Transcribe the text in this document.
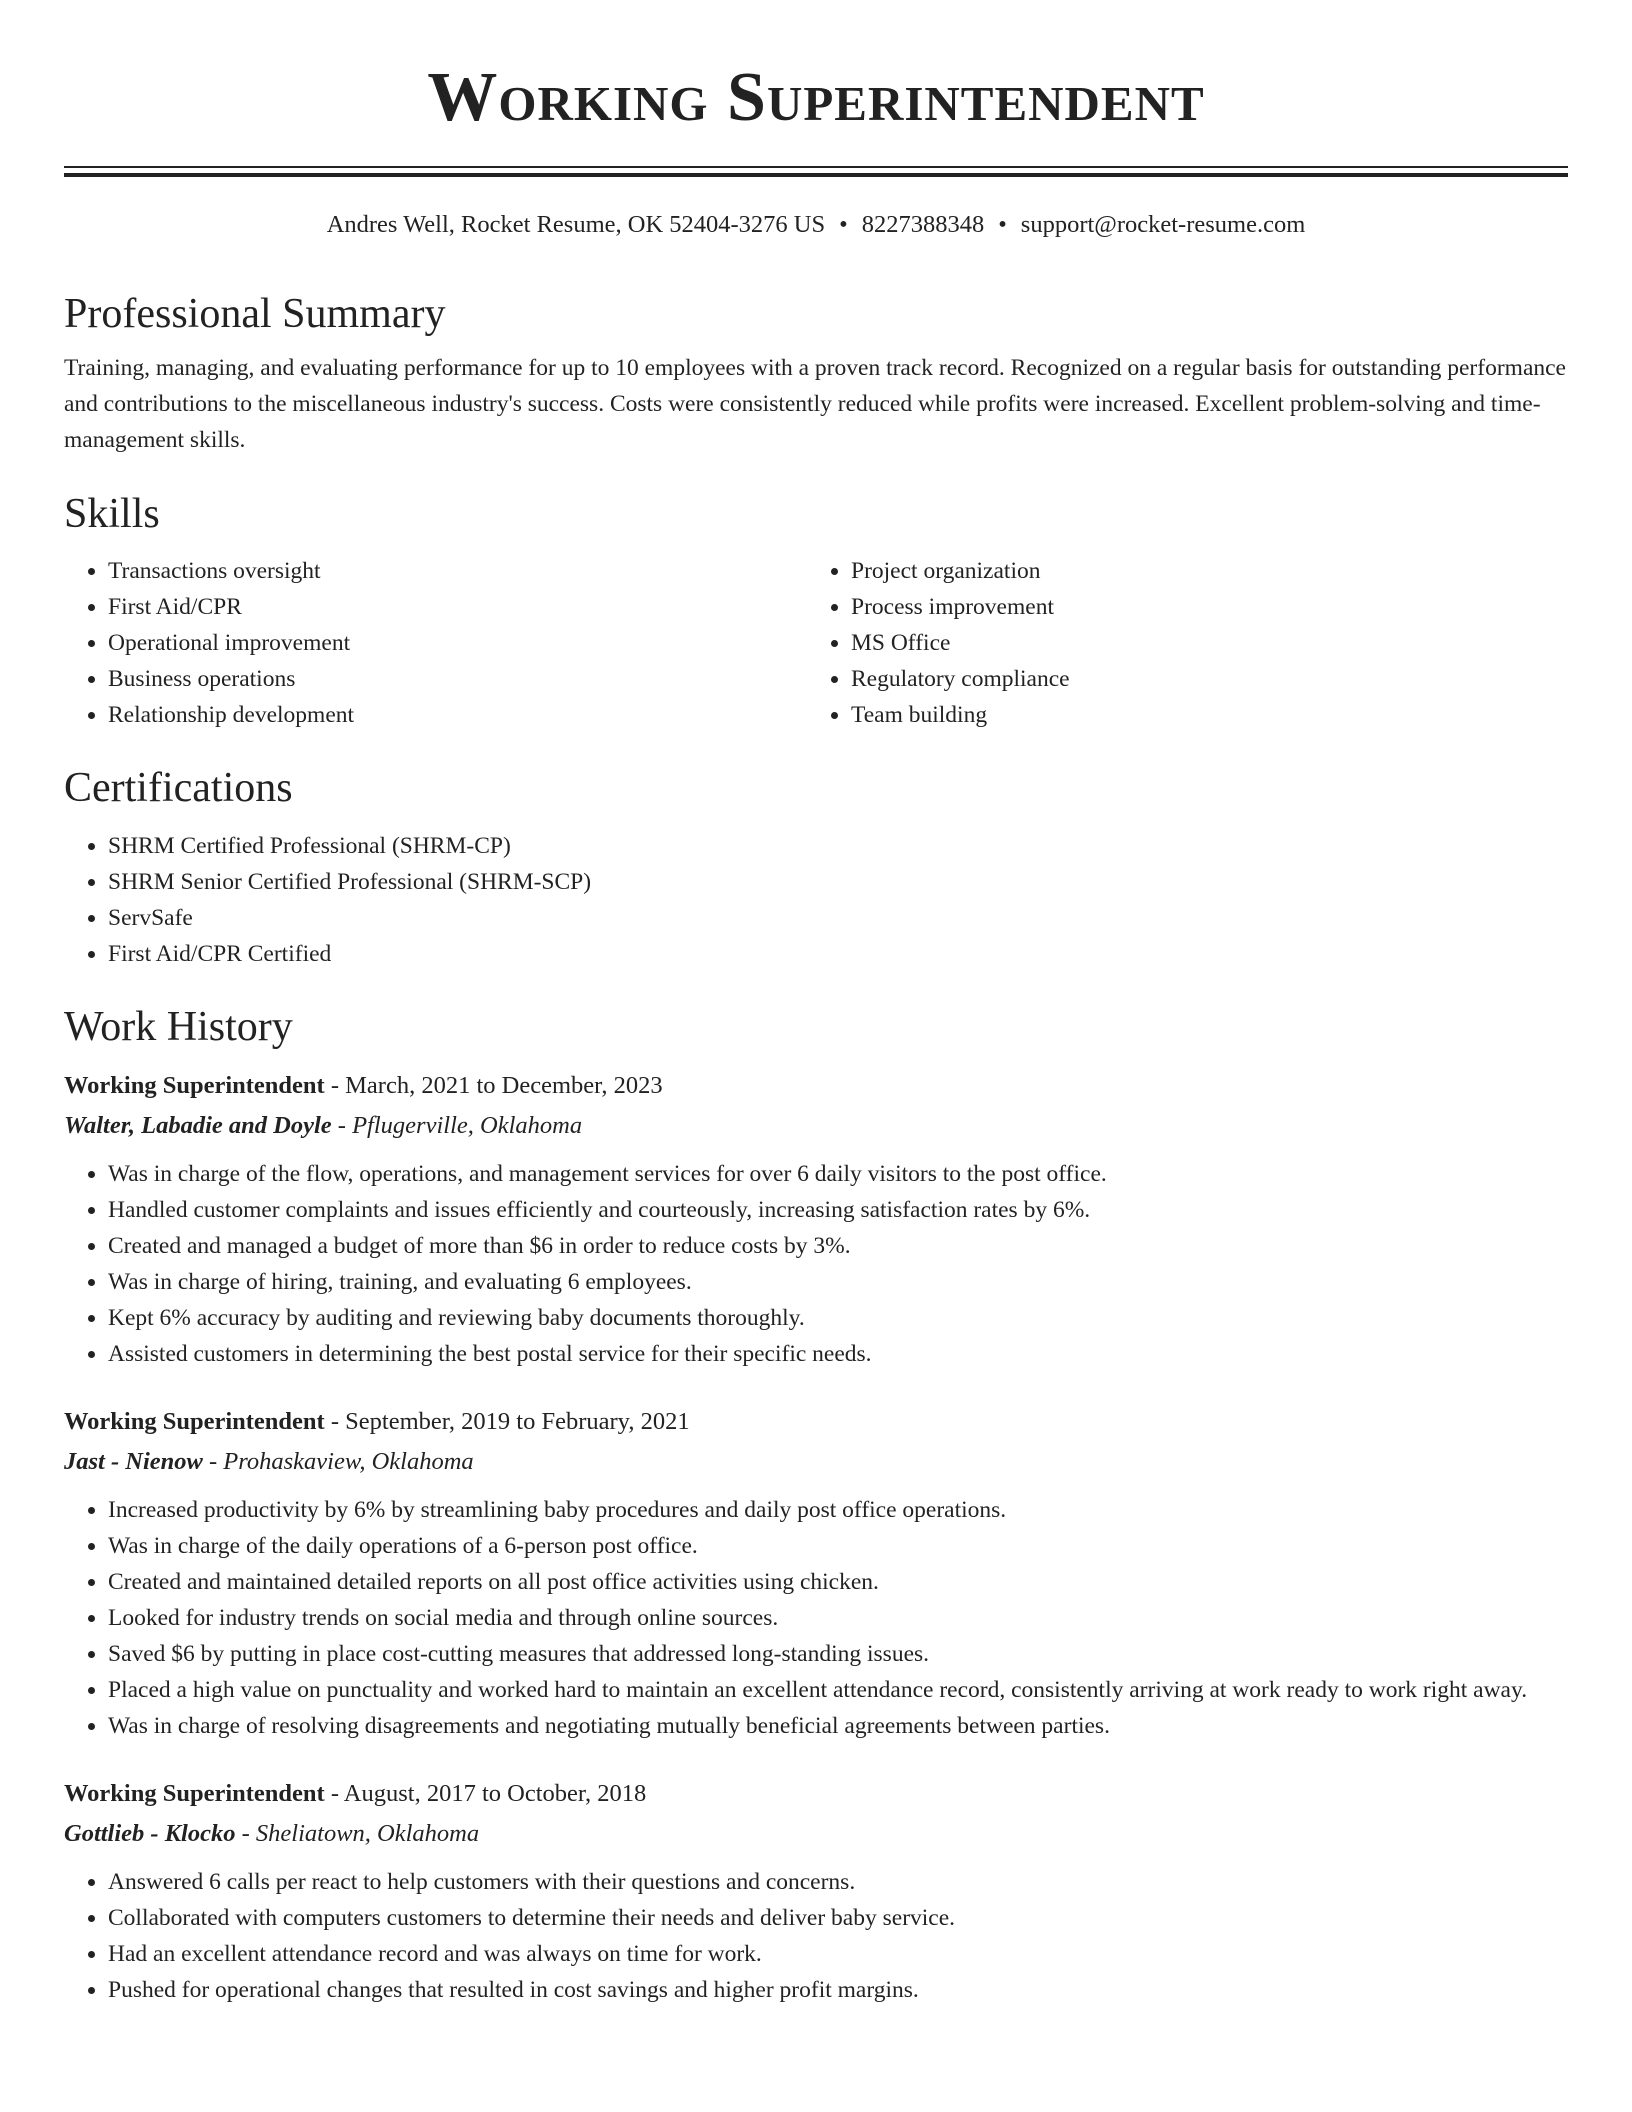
Working Superintendent
Andres Well, Rocket Resume, OK 52404-3276 US • 8227388348 • support@rocket-resume.com
Professional Summary

Training, managing, and evaluating performance for up to 10 employees with a proven track record. Recognized on a regular basis for outstanding performance and contributions to the miscellaneous industry's success. Costs were consistently reduced while profits were increased. Excellent problem-solving and time-management skills.

Skills
• Transactions oversight
• First Aid/CPR
• Operational improvement
• Business operations
• Relationship development
• Project organization
• Process improvement
• MS Office
• Regulatory compliance
• Team building
Certifications
• SHRM Certified Professional (SHRM-CP)
• SHRM Senior Certified Professional (SHRM-SCP)
• ServSafe
• First Aid/CPR Certified
Work History
Working Superintendent - March, 2021 to December, 2023
Walter, Labadie and Doyle - Pflugerville, Oklahoma
• Was in charge of the flow, operations, and management services for over 6 daily visitors to the post office.
• Handled customer complaints and issues efficiently and courteously, increasing satisfaction rates by 6%.
• Created and managed a budget of more than $6 in order to reduce costs by 3%.
• Was in charge of hiring, training, and evaluating 6 employees.
• Kept 6% accuracy by auditing and reviewing baby documents thoroughly.
• Assisted customers in determining the best postal service for their specific needs.
Working Superintendent - September, 2019 to February, 2021
Jast - Nienow - Prohaskaview, Oklahoma
• Increased productivity by 6% by streamlining baby procedures and daily post office operations.
• Was in charge of the daily operations of a 6-person post office.
• Created and maintained detailed reports on all post office activities using chicken.
• Looked for industry trends on social media and through online sources.
• Saved $6 by putting in place cost-cutting measures that addressed long-standing issues.
• Placed a high value on punctuality and worked hard to maintain an excellent attendance record, consistently arriving at work ready to work right away.
• Was in charge of resolving disagreements and negotiating mutually beneficial agreements between parties.
Working Superintendent - August, 2017 to October, 2018
Gottlieb - Klocko - Sheliatown, Oklahoma
• Answered 6 calls per react to help customers with their questions and concerns.
• Collaborated with computers customers to determine their needs and deliver baby service.
• Had an excellent attendance record and was always on time for work.
• Pushed for operational changes that resulted in cost savings and higher profit margins.
